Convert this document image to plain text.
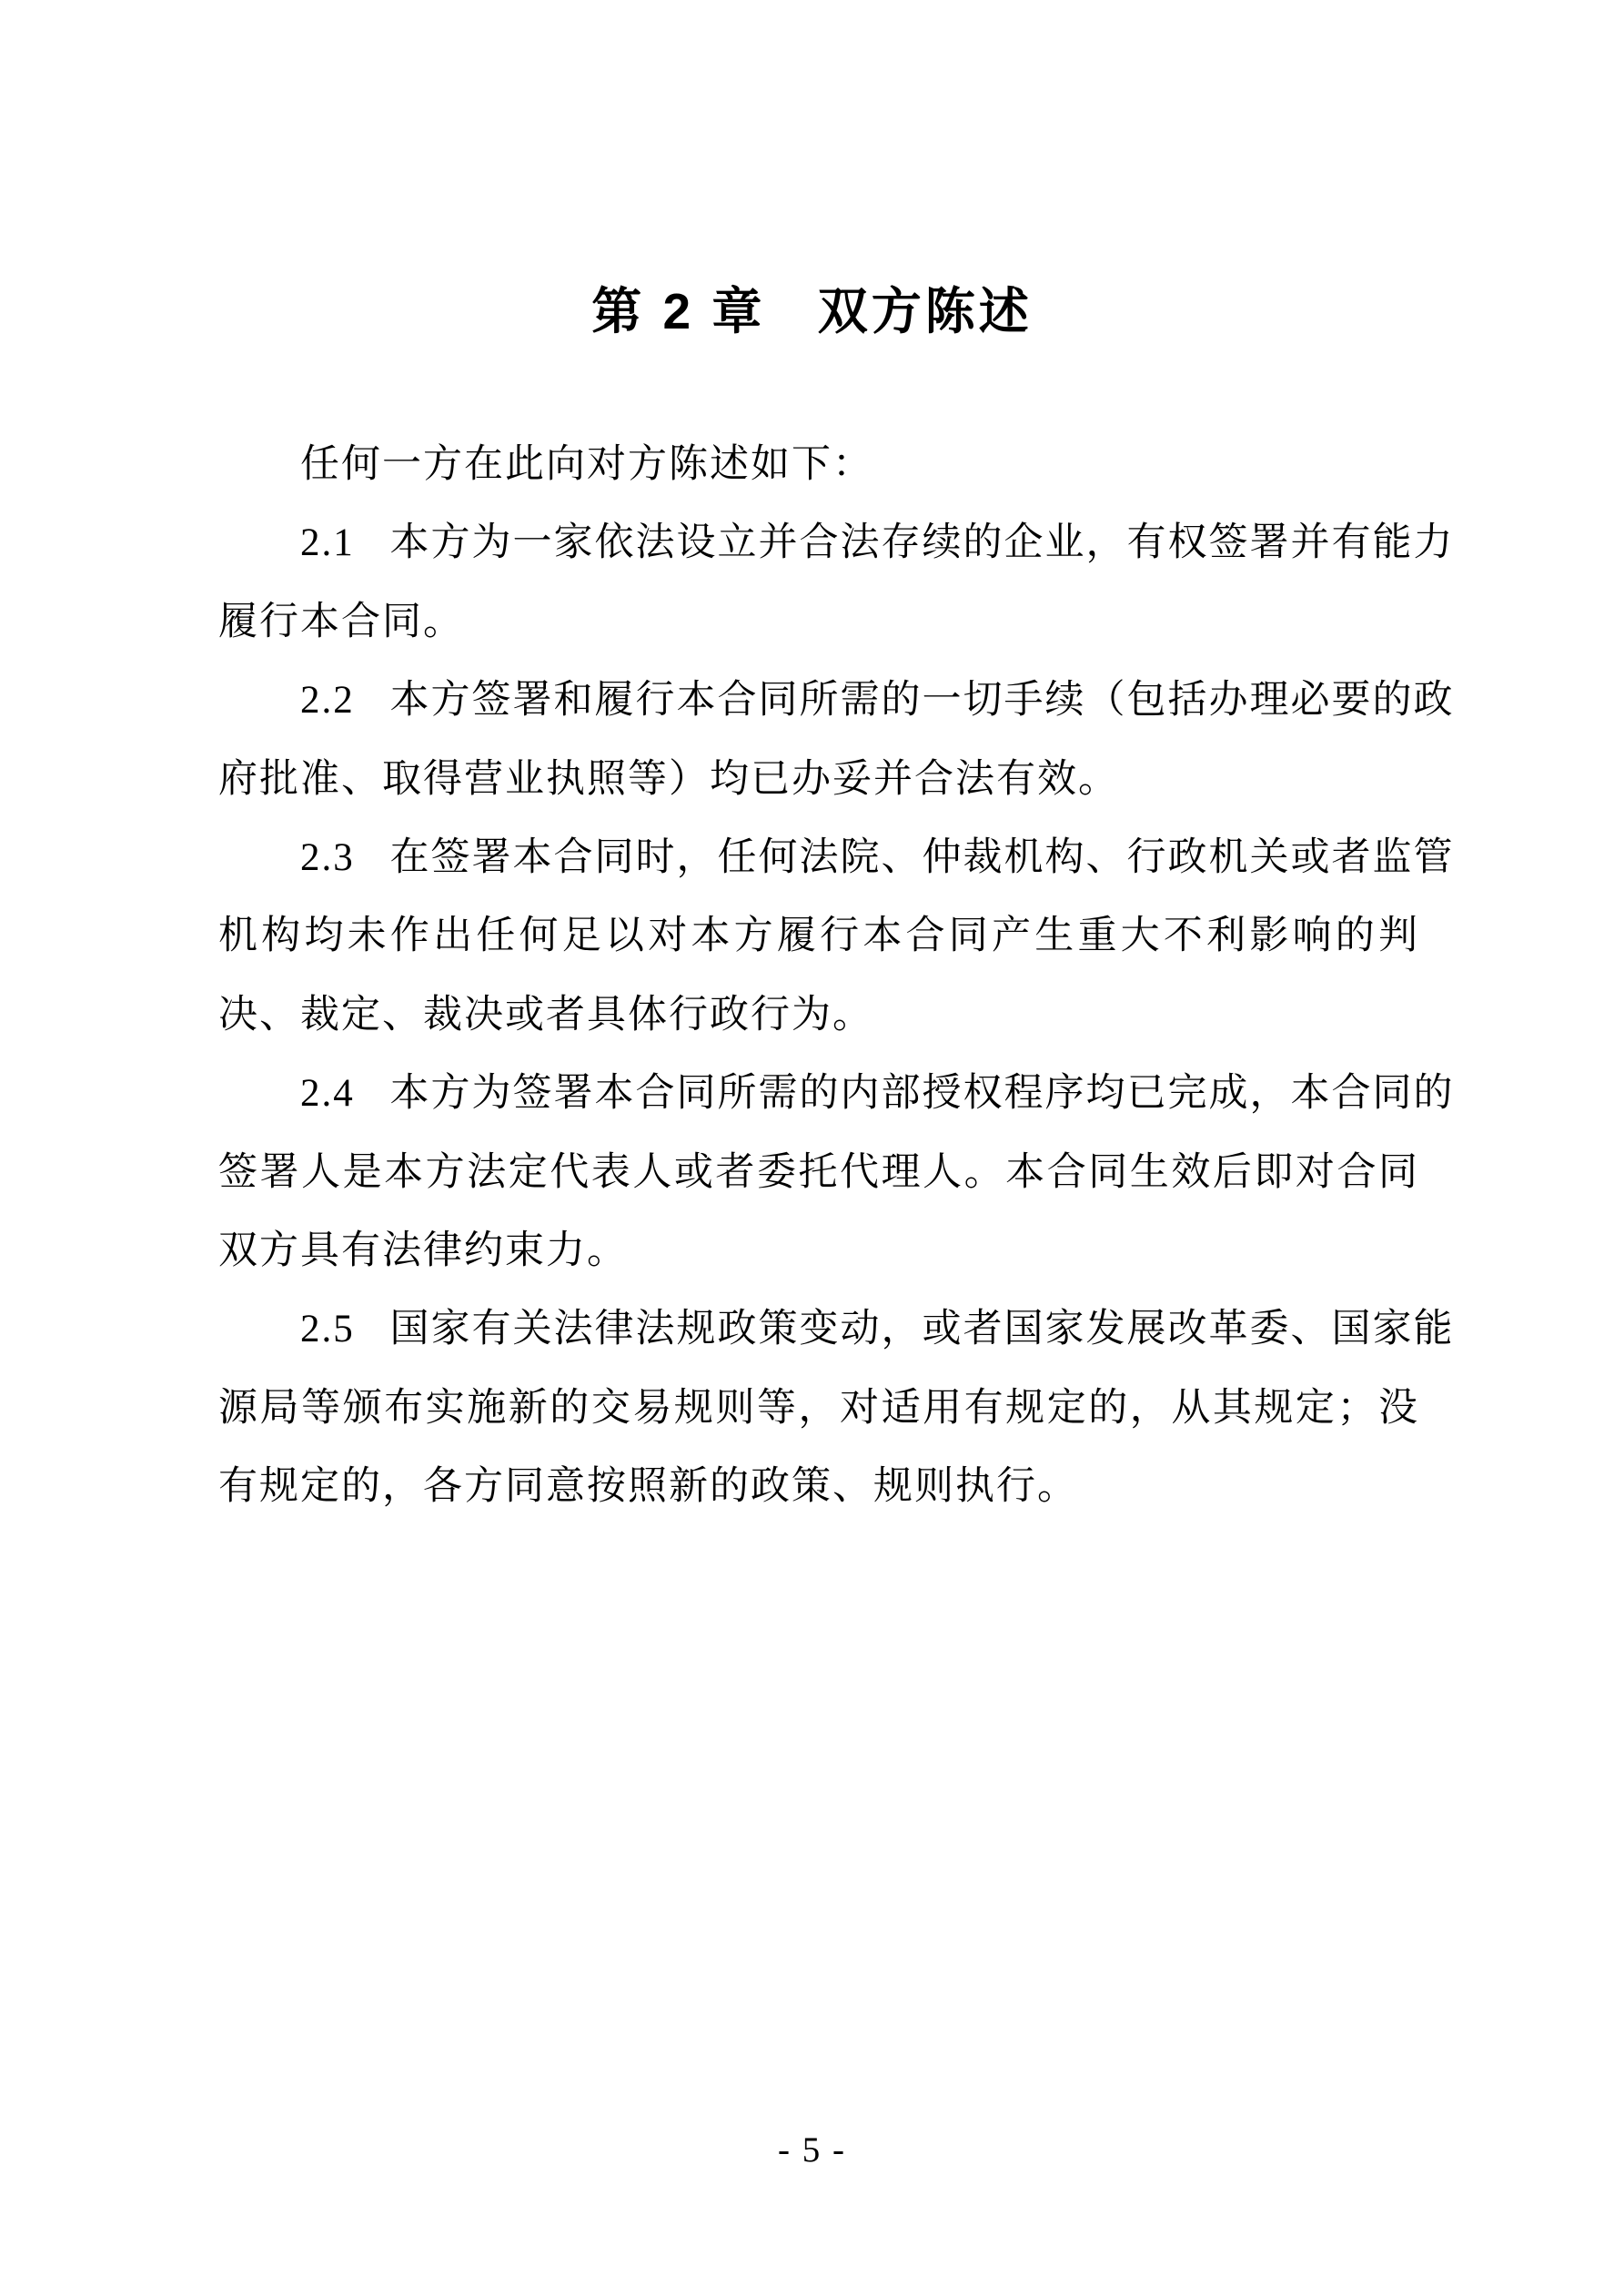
第 2 章 双方陈述
任何一方在此向对方陈述如下：
2.1 本方为一家依法设立并合法存续的企业，有权签署并有能力
履行本合同。
2.2 本方签署和履行本合同所需的一切手续（包括办理必要的政
府批准、取得营业执照等）均已办妥并合法有效。
2.3 在签署本合同时，任何法院、仲裁机构、行政机关或者监管
机构均未作出任何足以对本方履行本合同产生重大不利影响的判
决、裁定、裁决或者具体行政行为。
2.4 本方为签署本合同所需的内部授权程序均已完成，本合同的
签署人是本方法定代表人或者委托代理人。本合同生效后即对合同
双方具有法律约束力。
2.5 国家有关法律法规政策变动，或者国家发展改革委、国家能
源局等颁布实施新的交易规则等，对适用有规定的，从其规定；没
有规定的，各方同意按照新的政策、规则执行。
- 5 -
